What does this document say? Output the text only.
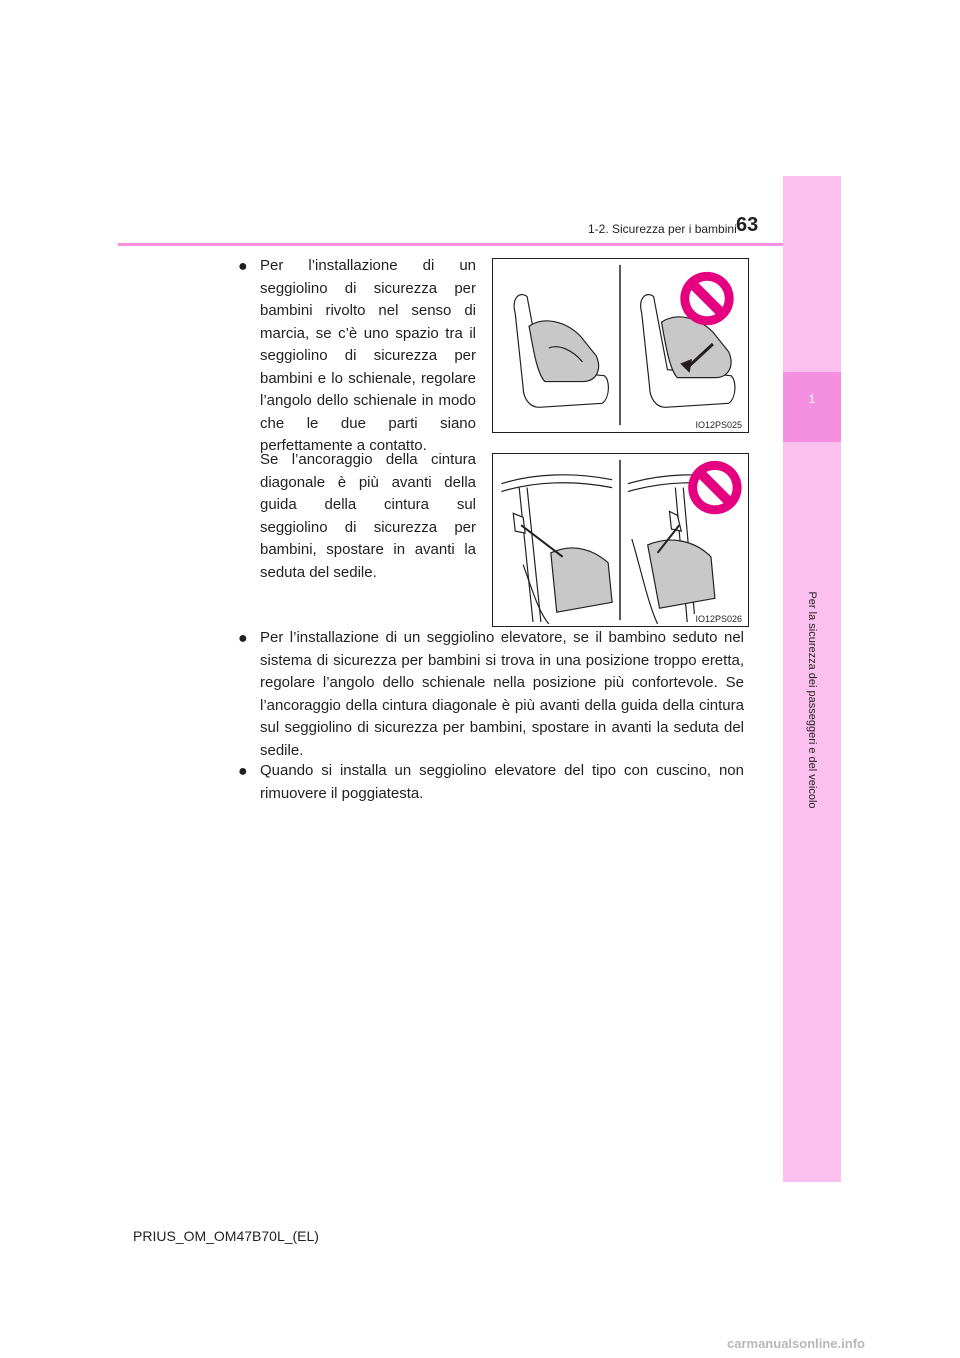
1
Per la sicurezza dei passeggeri e del veicolo
1-2. Sicurezza per i bambini 63
● Per l’installazione di un seggiolino di sicurezza per bambini rivolto nel senso di marcia, se c’è uno spazio tra il seggiolino di sicurezza per bambini e lo schienale, regolare l’angolo dello schienale in modo che le due parti siano perfettamente a contatto.
Se l’ancoraggio della cintura diagonale è più avanti della guida della cintura sul seggiolino di sicurezza per bambini, spostare in avanti la seduta del sedile.
● Per l’installazione di un seggiolino elevatore, se il bambino seduto nel sistema di sicurezza per bambini si trova in una posizione troppo eretta, regolare l’angolo dello schienale nella posizione più confortevole. Se l’ancoraggio della cintura diagonale è più avanti della guida della cintura sul seggiolino di sicurezza per bambini, spostare in avanti la seduta del sedile.
● Quando si installa un seggiolino elevatore del tipo con cuscino, non rimuovere il poggiatesta.
IO12PS025
IO12PS026
PRIUS_OM_OM47B70L_(EL)
carmanualsonline.info
